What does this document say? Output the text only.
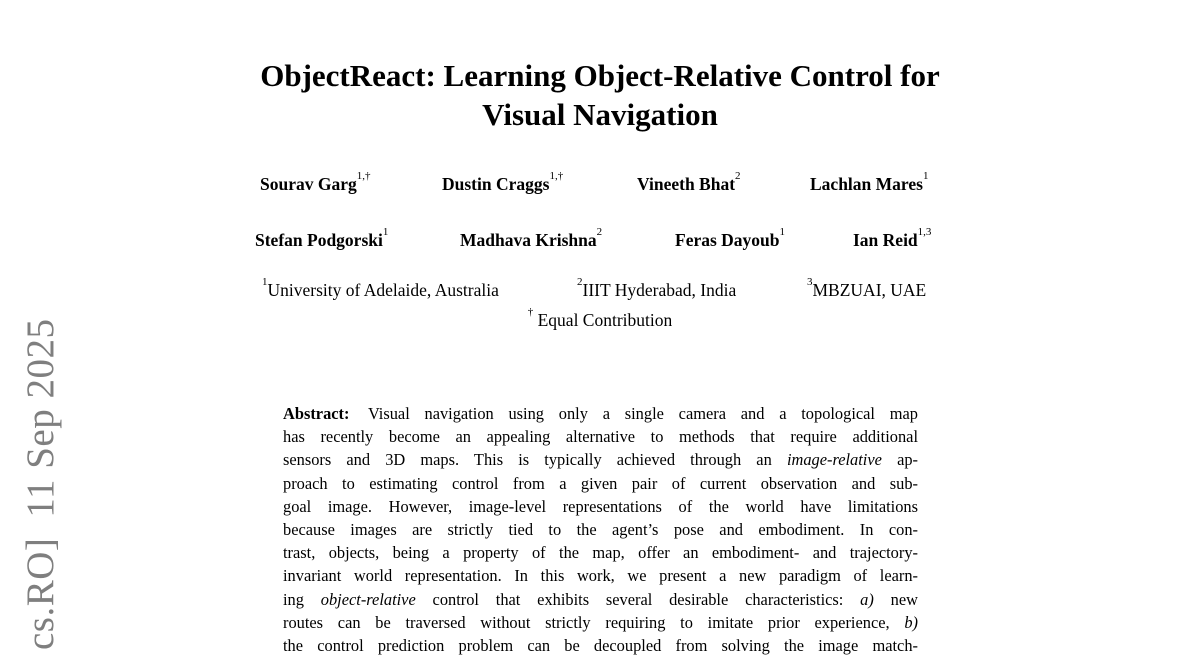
cs.RO]11 Sep 2025
ObjectReact: Learning Object-Relative Control for
Visual Navigation
Sourav Garg$^{1,\dagger}$	Dustin Craggs$^{1,\dagger}$	Vineeth Bhat$^2$	Lachlan Mares$^1$
Stefan Podgorski$^1$	Madhava Krishna$^2$	Feras Dayoub$^1$	Ian Reid$^{1,3}$
$^1$University of Adelaide, Australia	$^2$IIIT Hyderabad, India	$^3$MBZUAI, UAE
† Equal Contribution
Abstract: Visual navigation using only a single camera and a topological map
has recently become an appealing alternative to methods that require additional
sensors and 3D maps. This is typically achieved through an image-relative ap-
proach to estimating control from a given pair of current observation and sub-
goal image. However, image-level representations of the world have limitations
because images are strictly tied to the agent’s pose and embodiment. In con-
trast, objects, being a property of the map, offer an embodiment- and trajectory-
invariant world representation. In this work, we present a new paradigm of learn-
ing object-relative control that exhibits several desirable characteristics: a) new
routes can be traversed without strictly requiring to imitate prior experience, b)
the control prediction problem can be decoupled from solving the image match-
